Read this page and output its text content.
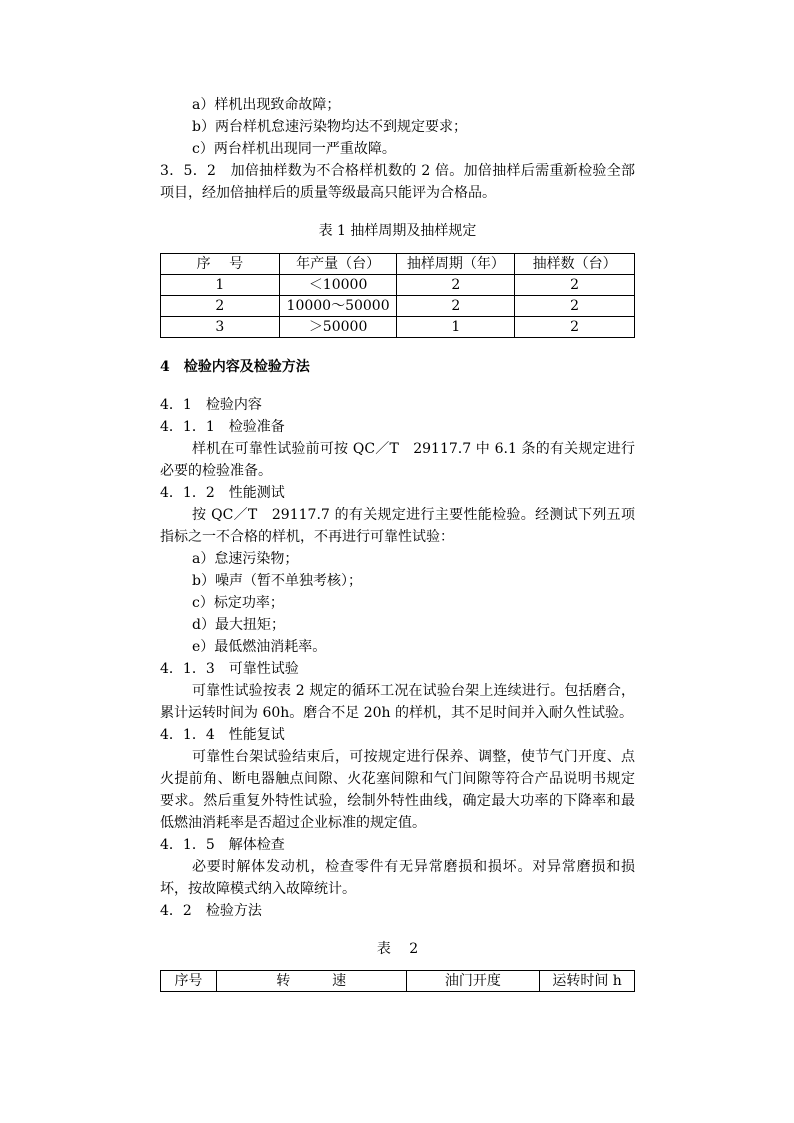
a）样机出现致命故障；
b）两台样机怠速污染物均达不到规定要求；
c）两台样机出现同一严重故障。

3．5．2　加倍抽样数为不合格样机数的 2 倍。加倍抽样后需重新检验全部项目，经加倍抽样后的质量等级最高只能评为合格品。

表 1 抽样周期及抽样规定
序　 号	年产量（台）	抽样周期（年）	抽样数（台）
1	＜10000	2	2
2	10000～50000	2	2
3	＞50000	1	2
4　检验内容及检验方法
4．1　检验内容
4．1．1　检验准备

样机在可靠性试验前可按 QC／T　29117.7 中 6.1 条的有关规定进行必要的检验准备。

4．1．2　性能测试

按 QC／T　29117.7 的有关规定进行主要性能检验。经测试下列五项指标之一不合格的样机，不再进行可靠性试验：

a）怠速污染物；
b）噪声（暂不单独考核）；
c）标定功率；
d）最大扭矩；
e）最低燃油消耗率。
4．1．3　可靠性试验

可靠性试验按表 2 规定的循环工况在试验台架上连续进行。包括磨合，累计运转时间为 60h。磨合不足 20h 的样机，其不足时间并入耐久性试验。

4．1．4　性能复试

可靠性台架试验结束后，可按规定进行保养、调整，使节气门开度、点火提前角、断电器触点间隙、火花塞间隙和气门间隙等符合产品说明书规定要求。然后重复外特性试验，绘制外特性曲线，确定最大功率的下降率和最低燃油消耗率是否超过企业标准的规定值。

4．1．5　解体检查

必要时解体发动机，检查零件有无异常磨损和损坏。对异常磨损和损坏，按故障模式纳入故障统计。

4．2　检验方法
表　 2
序号	转　　　速	油门开度	运转时间 h
